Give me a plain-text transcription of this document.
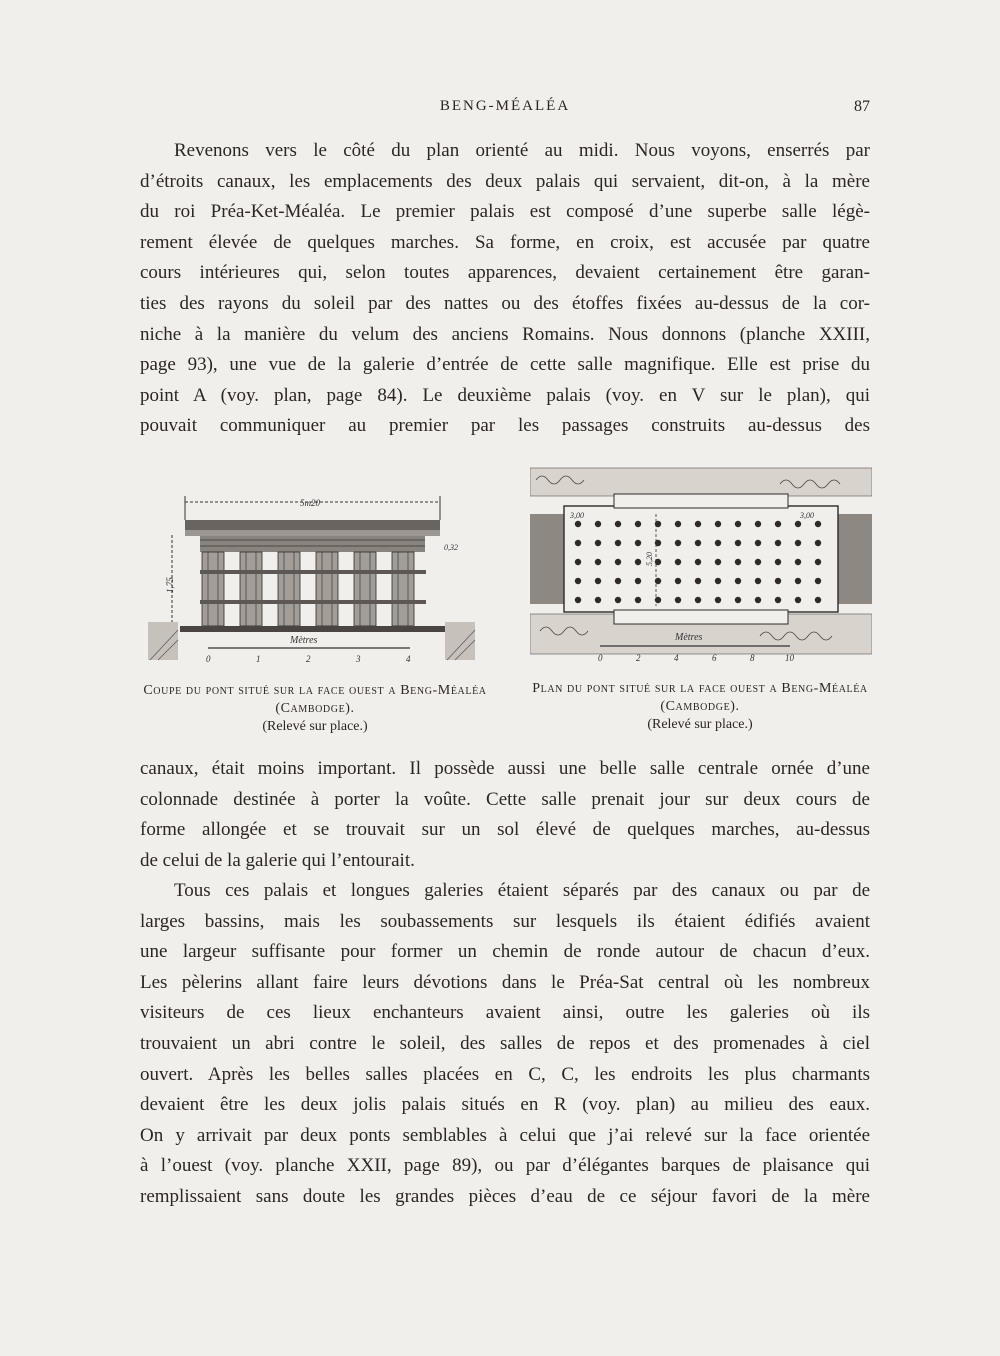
BENG-MÉALÉA	87
Revenons vers le côté du plan orienté au midi. Nous voyons, enserrés par
d’étroits canaux, les emplacements des deux palais qui servaient, dit-on, à la mère
du roi Préa-Ket-Méaléa. Le premier palais est composé d’une superbe salle légè-
rement élevée de quelques marches. Sa forme, en croix, est accusée par quatre
cours intérieures qui, selon toutes apparences, devaient certainement être garan-
ties des rayons du soleil par des nattes ou des étoffes fixées au-dessus de la cor-
niche à la manière du velum des anciens Romains. Nous donnons (planche XXIII,
page 93), une vue de la galerie d’entrée de cette salle magnifique. Elle est prise du
point A (voy. plan, page 84). Le deuxième palais (voy. en V sur le plan), qui
pouvait communiquer au premier par les passages construits au-dessus des
5m20
1,75
0,32
Mètres
0	1	2	3	4
3,00	3,00
5,20
Mètres
0	2	4	6	8	10
Coupe du pont situé sur la face ouest a Beng-Méaléa
(Cambodge).
(Relevé sur place.)
Plan du pont situé sur la face ouest a Beng-Méaléa
(Cambodge).
(Relevé sur place.)
canaux, était moins important. Il possède aussi une belle salle centrale ornée d’une
colonnade destinée à porter la voûte. Cette salle prenait jour sur deux cours de
forme allongée et se trouvait sur un sol élevé de quelques marches, au-dessus
de celui de la galerie qui l’entourait.
Tous ces palais et longues galeries étaient séparés par des canaux ou par de
larges bassins, mais les soubassements sur lesquels ils étaient édifiés avaient
une largeur suffisante pour former un chemin de ronde autour de chacun d’eux.
Les pèlerins allant faire leurs dévotions dans le Préa-Sat central où les nombreux
visiteurs de ces lieux enchanteurs avaient ainsi, outre les galeries où ils
trouvaient un abri contre le soleil, des salles de repos et des promenades à ciel
ouvert. Après les belles salles placées en C, C, les endroits les plus charmants
devaient être les deux jolis palais situés en R (voy. plan) au milieu des eaux.
On y arrivait par deux ponts semblables à celui que j’ai relevé sur la face orientée
à l’ouest (voy. planche XXII, page 89), ou par d’élégantes barques de plaisance qui
remplissaient sans doute les grandes pièces d’eau de ce séjour favori de la mère
